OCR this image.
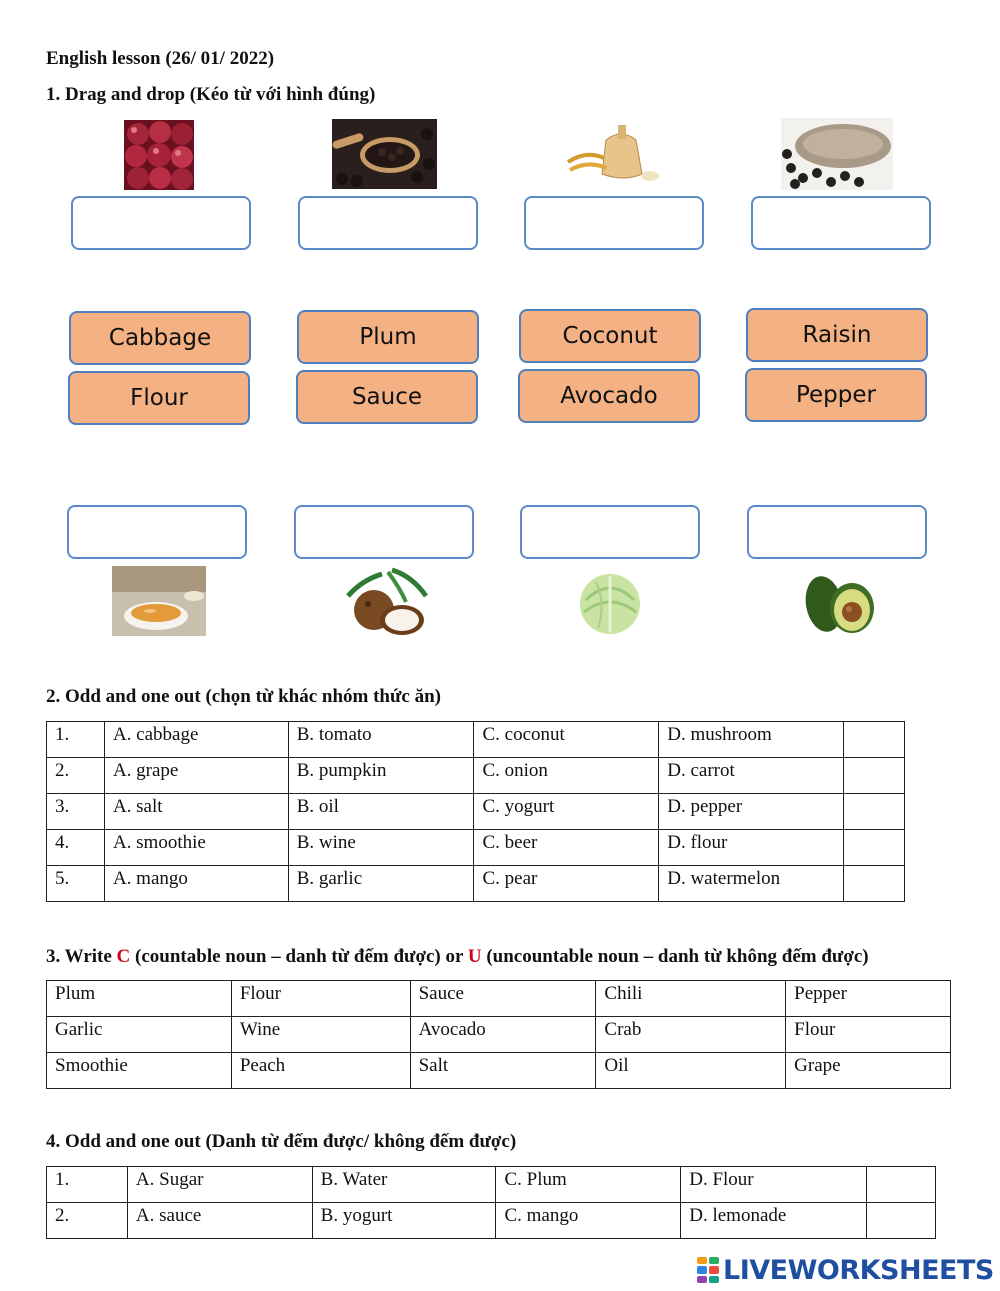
English lesson (26/ 01/ 2022)
1. Drag and drop (Kéo từ với hình đúng)
Cabbage	Plum	Coconut	Raisin
Flour	Sauce	Avocado	Pepper
2. Odd and one out (chọn từ khác nhóm thức ăn)
1.	A. cabbage	B. tomato	C. coconut	D. mushroom	
2.	A. grape	B. pumpkin	C. onion	D. carrot	
3.	A. salt	B. oil	C. yogurt	D. pepper	
4.	A. smoothie	B. wine	C. beer	D. flour	
5.	A. mango	B. garlic	C. pear	D. watermelon	
3. Write C (countable noun – danh từ đếm được) or U (uncountable noun – danh từ không đếm được)
Plum	Flour	Sauce	Chili	Pepper
Garlic	Wine	Avocado	Crab	Flour
Smoothie	Peach	Salt	Oil	Grape
4. Odd and one out (Danh từ đếm được/ không đếm được)
1.	A. Sugar	B. Water	C. Plum	D. Flour	
2.	A. sauce	B. yogurt	C. mango	D. lemonade	
LIVEWORKSHEETS
